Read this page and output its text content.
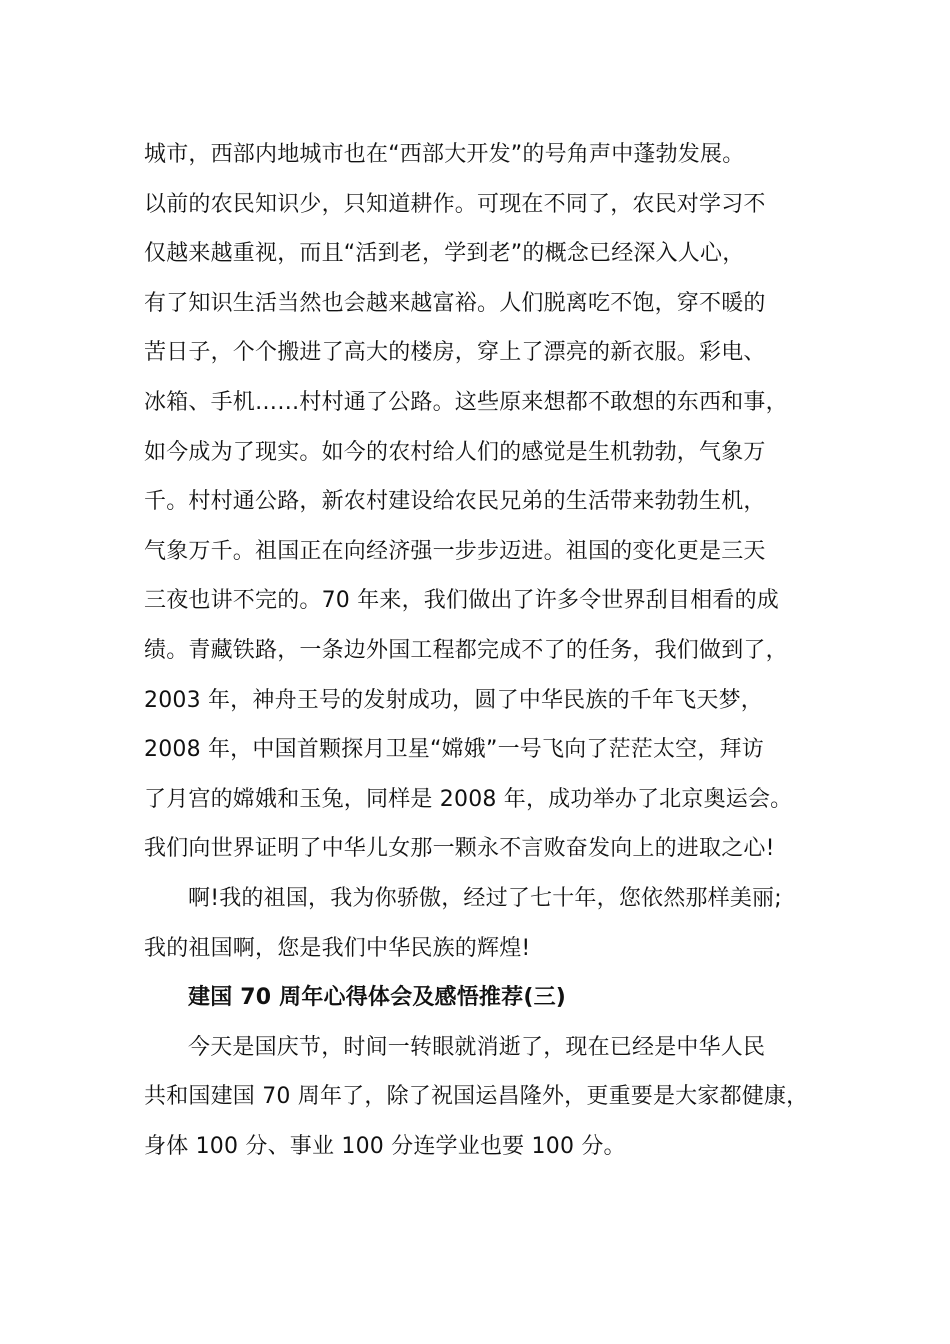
城市，西部内地城市也在“西部大开发”的号角声中蓬勃发展。
以前的农民知识少，只知道耕作。可现在不同了，农民对学习不
仅越来越重视，而且“活到老，学到老”的概念已经深入人心，
有了知识生活当然也会越来越富裕。人们脱离吃不饱，穿不暖的
苦日子，个个搬进了高大的楼房，穿上了漂亮的新衣服。彩电、
冰箱、手机……村村通了公路。这些原来想都不敢想的东西和事，
如今成为了现实。如今的农村给人们的感觉是生机勃勃，气象万
千。村村通公路，新农村建设给农民兄弟的生活带来勃勃生机，
气象万千。祖国正在向经济强一步步迈进。祖国的变化更是三天
三夜也讲不完的。70 年来，我们做出了许多令世界刮目相看的成
绩。青藏铁路，一条边外国工程都完成不了的任务，我们做到了，
2003 年，神舟王号的发射成功，圆了中华民族的千年飞天梦，
2008 年，中国首颗探月卫星“嫦娥”一号飞向了茫茫太空，拜访
了月宫的嫦娥和玉兔，同样是 2008 年，成功举办了北京奥运会。
我们向世界证明了中华儿女那一颗永不言败奋发向上的进取之心!
啊!我的祖国，我为你骄傲，经过了七十年，您依然那样美丽;
我的祖国啊，您是我们中华民族的辉煌!
建国 70 周年心得体会及感悟推荐(三)
今天是国庆节，时间一转眼就消逝了，现在已经是中华人民
共和国建国 70 周年了，除了祝国运昌隆外，更重要是大家都健康，
身体 100 分、事业 100 分连学业也要 100 分。
